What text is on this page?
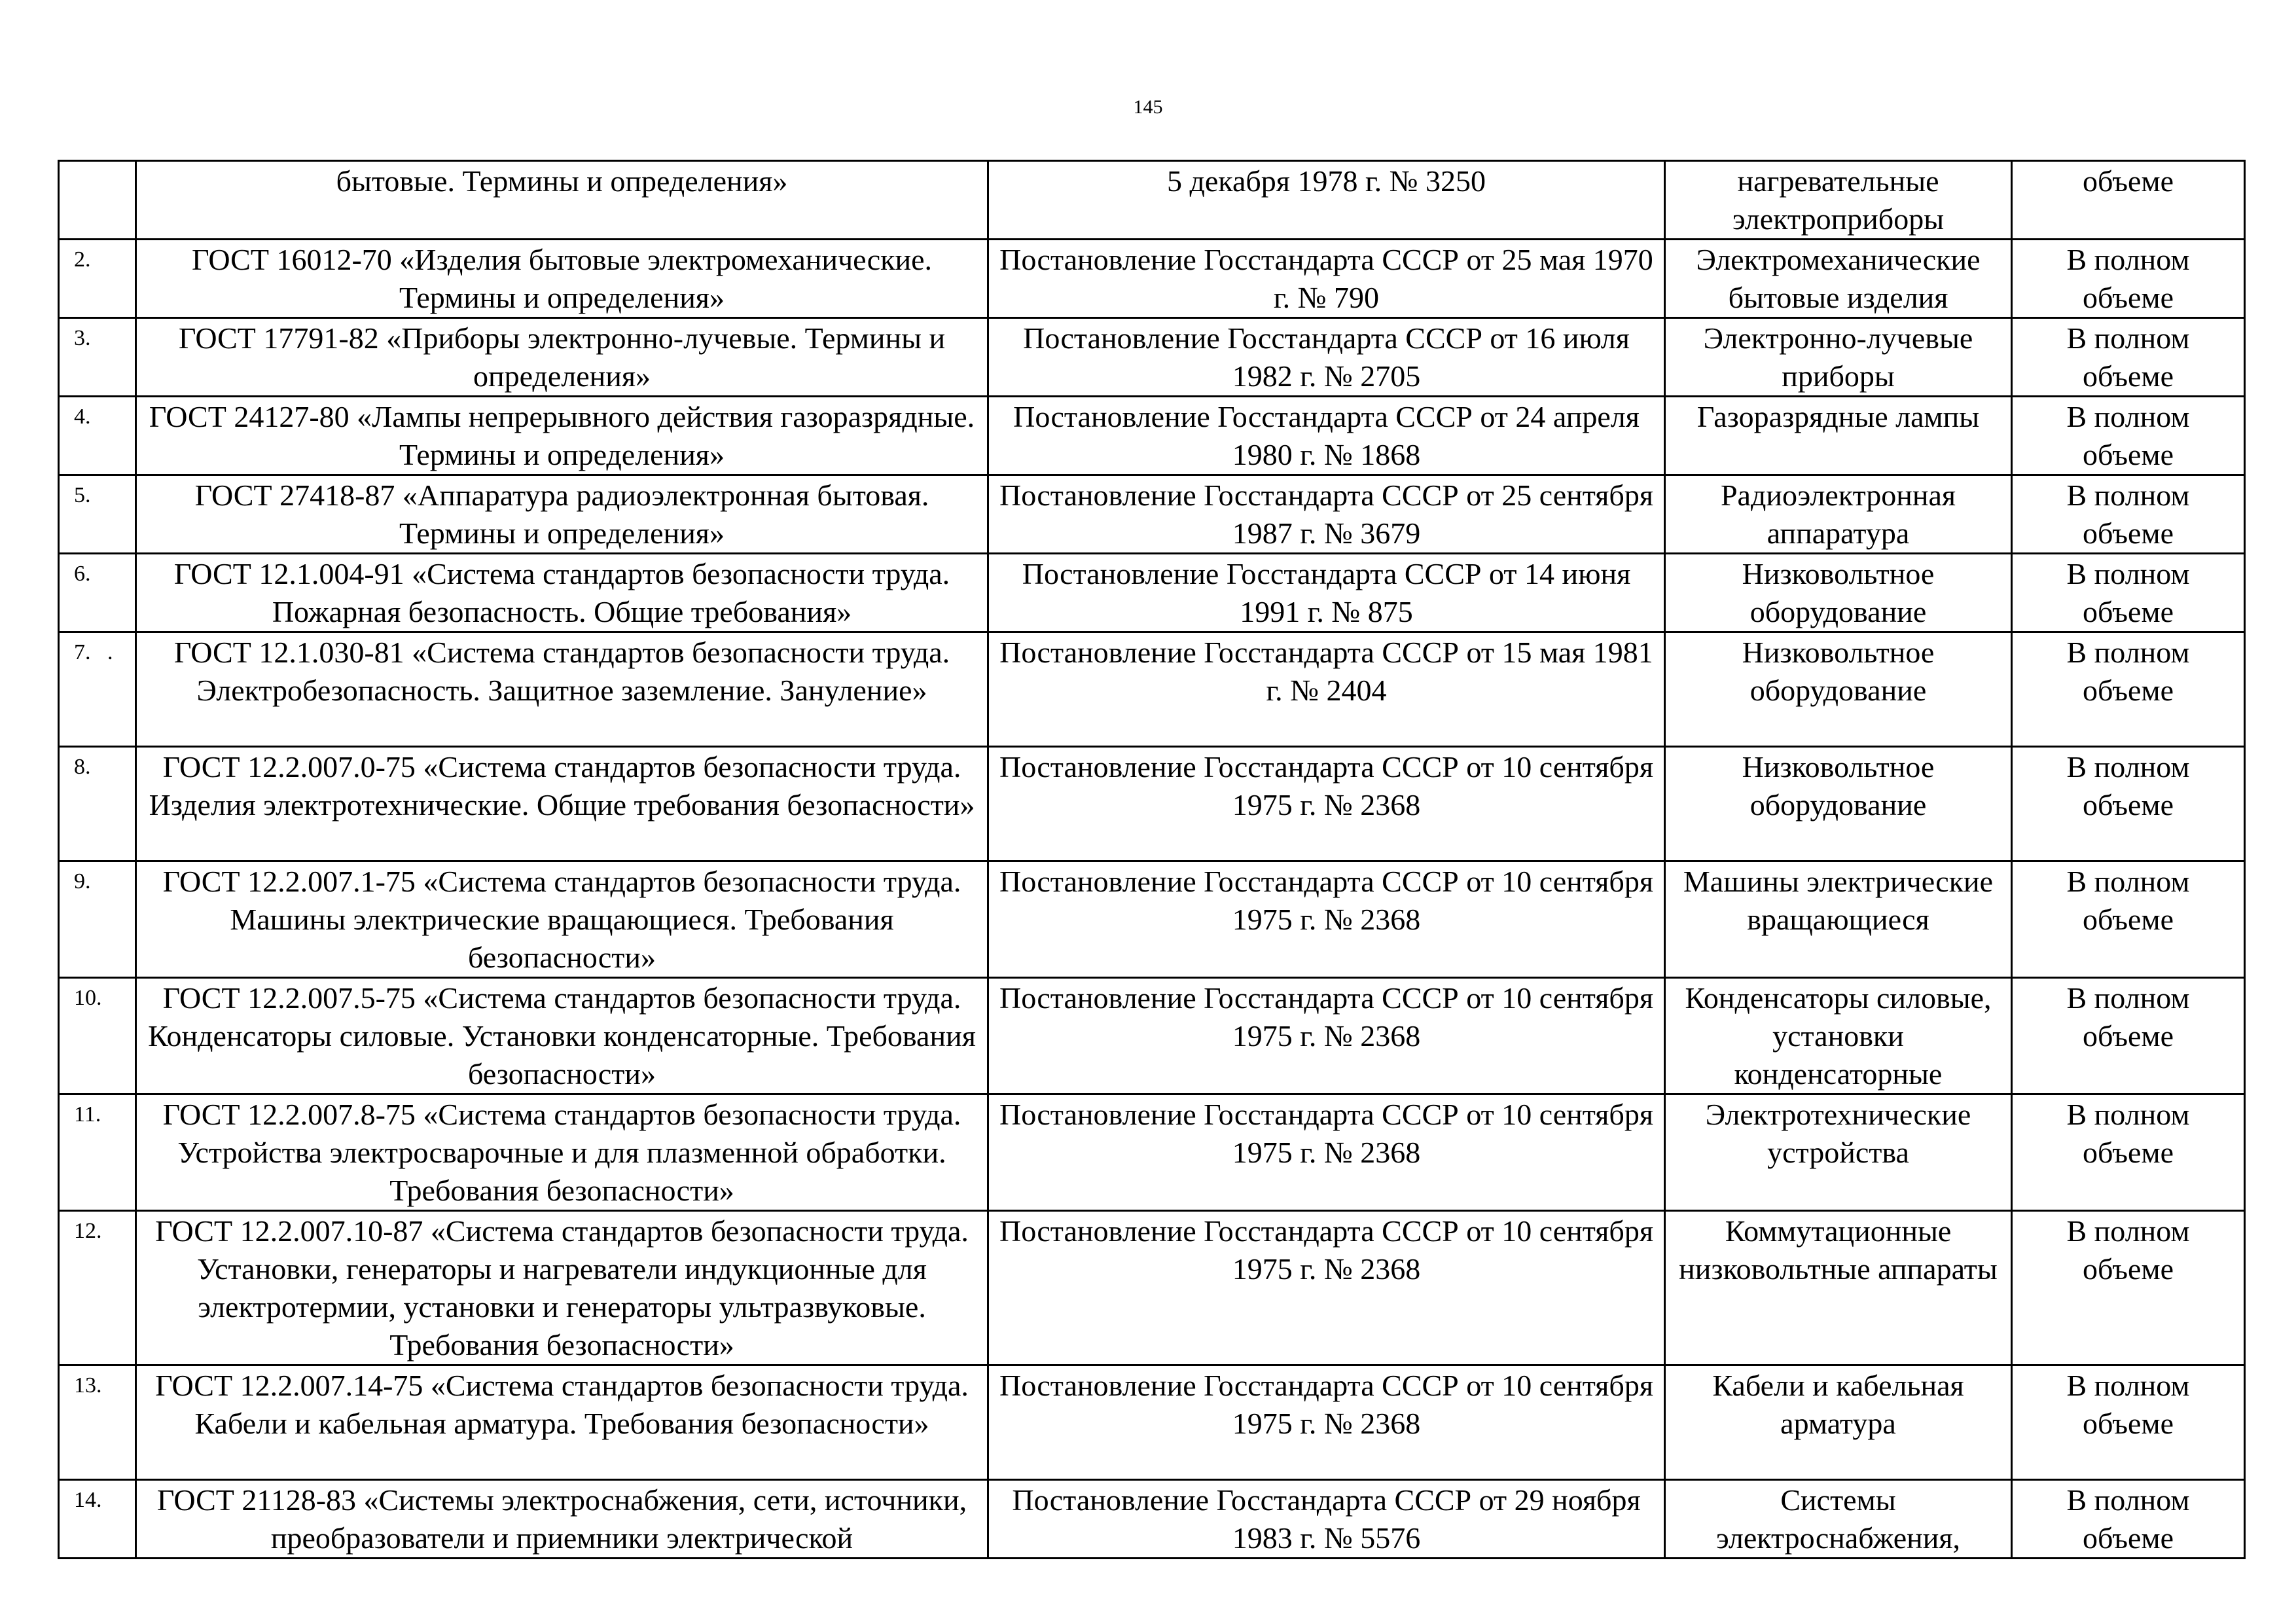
145
	бытовые. Термины и определения»	5 декабря 1978 г. № 3250	нагревательные электроприборы	объеме
2.	ГОСТ 16012-70 «Изделия бытовые электромеханические. Термины и определения»	Постановление Госстандарта СССР от 25 мая 1970 г. № 790	Электромеханические бытовые изделия	В полном объеме
3.	ГОСТ 17791-82 «Приборы электронно-лучевые. Термины и определения»	Постановление Госстандарта СССР от 16 июля 1982 г. № 2705	Электронно-лучевые приборы	В полном объеме
4.	ГОСТ 24127-80 «Лампы непрерывного действия газоразрядные. Термины и определения»	Постановление Госстандарта СССР от 24 апреля 1980 г. № 1868	Газоразрядные лампы	В полном объеме
5.	ГОСТ 27418-87 «Аппаратура радиоэлектронная бытовая. Термины и определения»	Постановление Госстандарта СССР от 25 сентября 1987 г. № 3679	Радиоэлектронная аппаратура	В полном объеме
6.	ГОСТ 12.1.004-91 «Система стандартов безопасности труда. Пожарная безопасность. Общие требования»	Постановление Госстандарта СССР от 14 июня 1991 г. № 875	Низковольтное оборудование	В полном объеме
7.   .	ГОСТ 12.1.030-81 «Система стандартов безопасности труда. Электробезопасность. Защитное заземление. Зануление»	Постановление Госстандарта СССР от 15 мая 1981 г. № 2404	Низковольтное оборудование	В полном объеме
8.	ГОСТ 12.2.007.0-75 «Система стандартов безопасности труда. Изделия электротехнические. Общие требования безопасности»	Постановление Госстандарта СССР от 10 сентября 1975 г. № 2368	Низковольтное оборудование	В полном объеме
9.	ГОСТ 12.2.007.1-75 «Система стандартов безопасности труда. Машины электрические вращающиеся. Требования безопасности»	Постановление Госстандарта СССР от 10 сентября 1975 г. № 2368	Машины электрические вращающиеся	В полном объеме
10.	ГОСТ 12.2.007.5-75 «Система стандартов безопасности труда. Конденсаторы силовые. Установки конденсаторные. Требования безопасности»	Постановление Госстандарта СССР от 10 сентября 1975 г. № 2368	Конденсаторы силовые, установки конденсаторные	В полном объеме
11.	ГОСТ 12.2.007.8-75 «Система стандартов безопасности труда. Устройства электросварочные и для плазменной обработки. Требования безопасности»	Постановление Госстандарта СССР от 10 сентября 1975 г. № 2368	Электротехнические устройства	В полном объеме
12.	ГОСТ 12.2.007.10-87 «Система стандартов безопасности труда. Установки, генераторы и нагреватели индукционные для электротермии, установки и генераторы ультразвуковые. Требования безопасности»	Постановление Госстандарта СССР от 10 сентября 1975 г. № 2368	Коммутационные низковольтные аппараты	В полном объеме
13.	ГОСТ 12.2.007.14-75 «Система стандартов безопасности труда. Кабели и кабельная арматура. Требования безопасности»	Постановление Госстандарта СССР от 10 сентября 1975 г. № 2368	Кабели и кабельная арматура	В полном объеме
14.	ГОСТ 21128-83 «Системы электроснабжения, сети, источники, преобразователи и приемники электрической	Постановление Госстандарта СССР от 29 ноября 1983 г. № 5576	Системы электроснабжения,	В полном объеме
